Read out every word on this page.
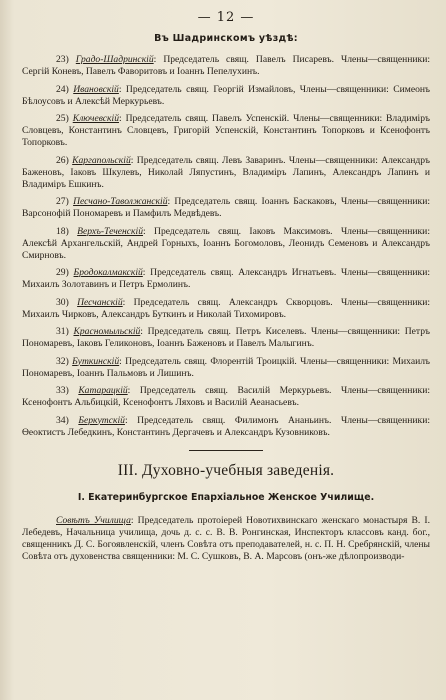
— 12 —
Въ Шадринскомъ уѣздѣ:

23) Градо-Шадринскій: Председатель свящ. Павелъ Писаревъ. Члены—священники: Сергій Коневъ, Павелъ Фаворитовъ и Іоаннъ Пепелухинъ.

24) Ивановскій: Председатель свящ. Георгій Измайловъ, Члены—священники: Симеонъ Бѣлоусовъ и Алексѣй Меркурьевъ.

25) Ключевскій: Председатель свящ. Павелъ Успенскій. Члены—священники: Владиміръ Словцевъ, Константинъ Словцевъ, Григорій Успенскій, Константинъ Топорковъ и Ксенофонтъ Топорковъ.

26) Каргапольскій: Председатель свящ. Левъ Заваринъ. Члены—священники: Александръ Баженовъ, Іаковъ Шкулевъ, Николай Ляпустинъ, Владиміръ Лапинъ, Александръ Лапинъ и Владиміръ Ешкинъ.

27) Песчано-Таволжанскій: Председатель свящ. Іоаннъ Баскаковъ, Члены—священники: Варсонофій Пономаревъ и Памфилъ Медвѣдевъ.

18) Верхъ-Теченскій: Председатель свящ. Іаковъ Максимовъ. Члены—священники: Алексѣй Архангельскій, Андрей Горныхъ, Іоаннъ Богомоловъ, Леонидъ Семеновъ и Александръ Смирновъ.

29) Бродокалмакскій: Председатель свящ. Александръ Игнатьевъ. Члены—священники: Михаилъ Золотавинъ и Петръ Ермолинъ.

30) Песчанскій: Председатель свящ. Александръ Скворцовъ. Члены—священники: Михаилъ Чирковъ, Александръ Буткинъ и Николай Тихомировъ.

31) Красномыльскій: Председатель свящ. Петръ Киселевъ. Члены—священники: Петръ Пономаревъ, Іаковъ Геликоновъ, Іоаннъ Баженовъ и Павелъ Малыгинъ.

32) Буткинскій: Председатель свящ. Флорентій Троицкій. Члены—священники: Михаилъ Пономаревъ, Іоаннъ Пальмовъ и Лишинъ.

33) Катарацкій: Председатель свящ. Василій Меркурьевъ. Члены—священники: Ксенофонтъ Альбицкій, Ксенофонтъ Ляховъ и Василій Аеанасьевъ.

34) Беркутскій: Председатель свящ. Филимонъ Ананьинъ. Члены—священники: Ѳеоктистъ Лебедкинъ, Константинъ Дергачевъ и Александръ Кузовниковъ.

III. Духовно-учебныя заведенія.
I. Екатеринбургское Епархіальное Женское Училище.

Совѣтъ Училища: Председатель протоіерей Новотихвинскаго женскаго монастыря В. І. Лебедевъ, Начальница училища, дочь д. с. с. В. В. Ронгинская, Инспекторъ классовъ канд. бог., священникъ Д. С. Богоявленскій, членъ Совѣта отъ преподавателей, н. с. П. Н. Сребрянскій, члены Совѣта отъ духовенства священники: М. С. Сушковъ, В. А. Марсовъ (онъ-же дѣлопроизводи-
